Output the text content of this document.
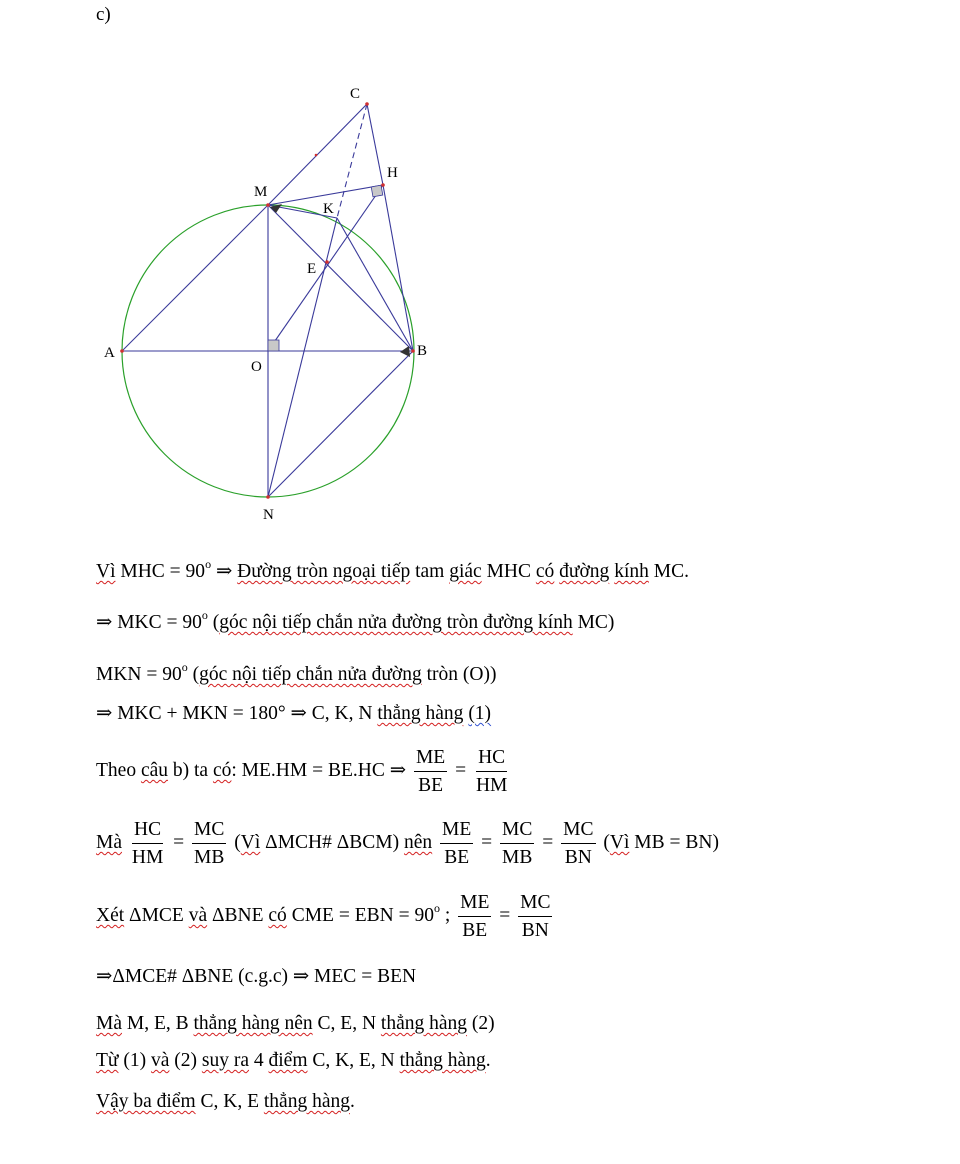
c)
C
H
M
K
E
A	B
O
N
Vì MHC = $90^o$ ⇒ Đường tròn ngoại tiếp tam giác MHC có đường kính MC.
⇒ MKC = $90^o$ (góc nội tiếp chắn nửa đường tròn đường kính MC)
MKN = $90^o$ (góc nội tiếp chắn nửa đường tròn (O))
⇒ MKC + MKN = 180° ⇒ C, K, N thẳng hàng (1)
Theo câu b) ta có: ME.HM = BE.HC ⇒ $\frac{ME}{BE} = \frac{HC}{HM}$
Mà $\frac{HC}{HM} = \frac{MC}{MB}$ (Vì ΔMCH# ΔBCM) nên $\frac{ME}{BE} = \frac{MC}{MB} = \frac{MC}{BN}$ (Vì MB = BN)
Xét ΔMCE và ΔBNE có CME = EBN = $90^o$ ; $\frac{ME}{BE} = \frac{MC}{BN}$
⇒ΔMCE# ΔBNE (c.g.c) ⇒ MEC = BEN
Mà M, E, B thẳng hàng nên C, E, N thẳng hàng (2)
Từ (1) và (2) suy ra 4 điểm C, K, E, N thẳng hàng.
Vậy ba điểm C, K, E thẳng hàng.
